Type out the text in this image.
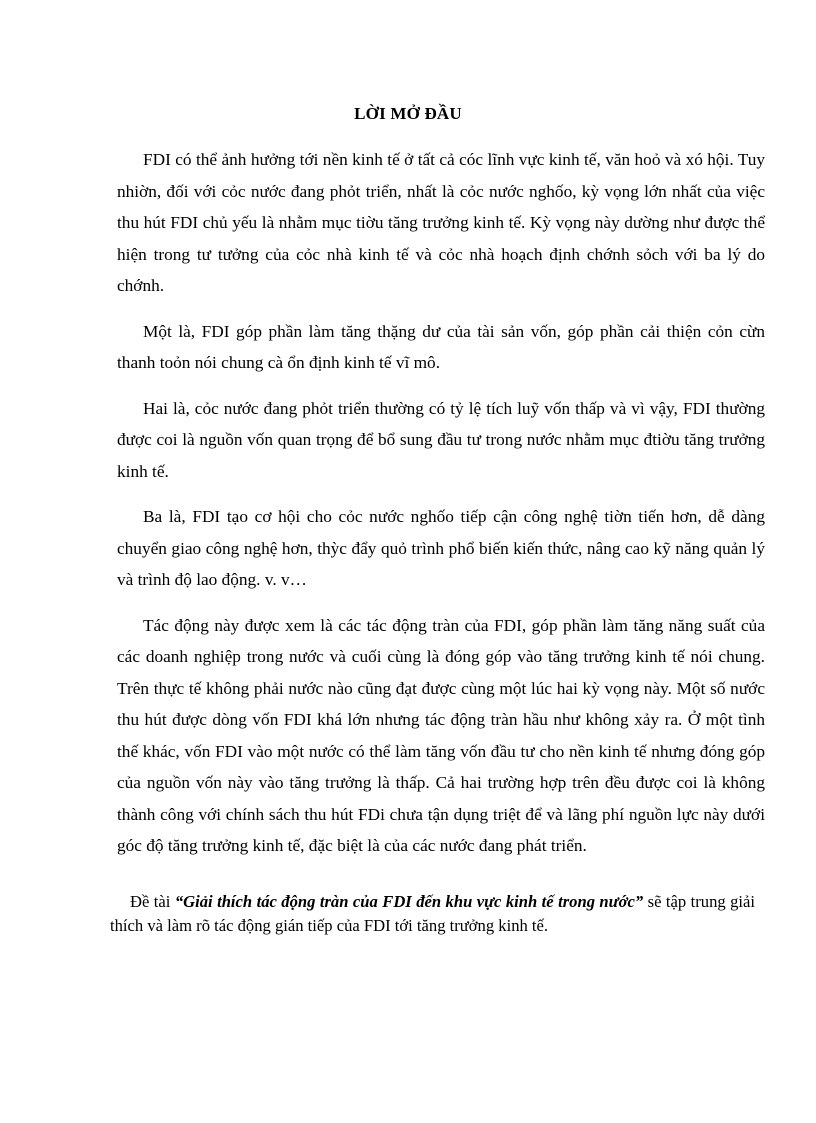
LỜI MỞ ĐẦU

FDI có thể ảnh hưởng tới nền kinh tế ở tất cả cóc lĩnh vực kinh tế, văn hoỏ và xó hội. Tuy nhiờn, đối với cỏc nước đang phỏt triển, nhất là cỏc nước nghốo, kỳ vọng lớn nhất của việc thu hút FDI chủ yếu là nhằm mục tiờu tăng trưởng kinh tế. Kỳ vọng này dường như được thể hiện trong tư tưởng của cỏc nhà kinh tế và cỏc nhà hoạch định chớnh sỏch với ba lý do chớnh.

Một là, FDI góp phần làm tăng thặng dư của tài sản vốn, góp phần cải thiện cỏn cừn thanh toỏn nói chung cà ổn định kinh tế vĩ mô.

Hai là, cỏc nước đang phỏt triển thường có tỷ lệ tích luỹ vốn thấp và vì vậy, FDI thường được coi là nguồn vốn quan trọng để bổ sung đầu tư trong nước nhằm mục đtiờu tăng trưởng kinh tế.

Ba là, FDI tạo cơ hội cho cỏc nước nghốo tiếp cận công nghệ tiờn tiến hơn, dễ dàng chuyển giao công nghệ hơn, thỳc đẩy quỏ trình phổ biến kiến thức, nâng cao kỹ năng quản lý và trình độ lao động. v. v…

Tác động này được xem là các tác động tràn của FDI, góp phần làm tăng năng suất của các doanh nghiệp trong nước và cuối cùng là đóng góp vào tăng trưởng kinh tế nói chung. Trên thực tế không phải nước nào cũng đạt được cùng một lúc hai kỳ vọng này. Một số nước thu hút được dòng vốn FDI khá lớn nhưng tác động tràn hầu như không xảy ra. Ở một tình thế khác, vốn FDI vào một nước có thể làm tăng vốn đầu tư cho nền kinh tế nhưng đóng góp của nguồn vốn này vào tăng trưởng là thấp. Cả hai trường hợp trên đều được coi là không thành công với chính sách thu hút FDi chưa tận dụng triệt để và lãng phí nguồn lực này dưới góc độ tăng trưởng kinh tế, đặc biệt là của các nước đang phát triển.

Đề tài “Giải thích tác động tràn của FDI đến khu vực kinh tế trong nước” sẽ tập trung giải thích và làm rõ tác động gián tiếp của FDI tới tăng trưởng kinh tế.
